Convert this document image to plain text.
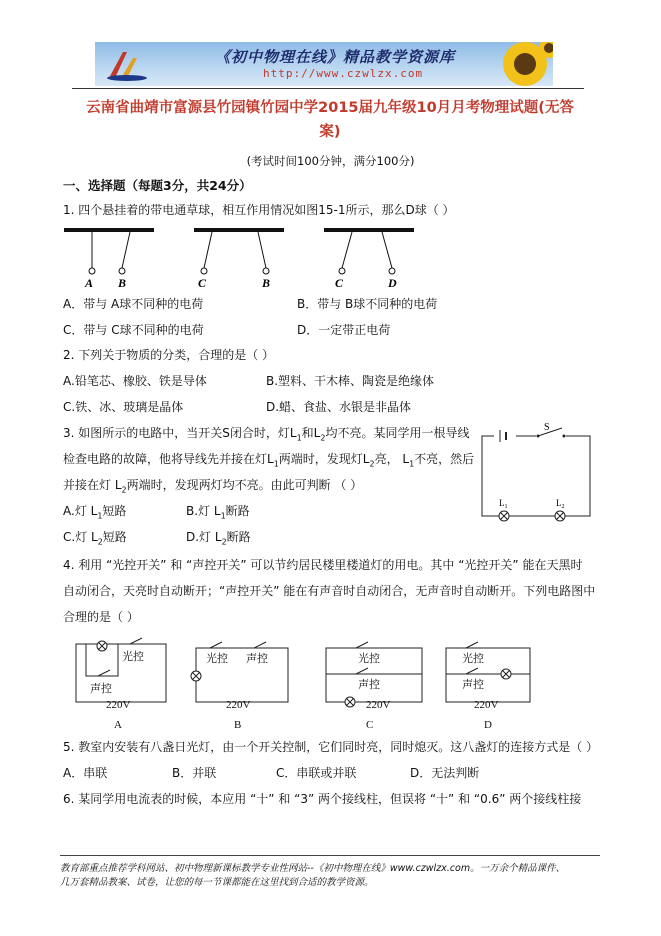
《初中物理在线》精品教学资源库
http://www.czwlzx.com
云南省曲靖市富源县竹园镇竹园中学2015届九年级10月月考物理试题(无答
案)
(考试时间100分钟，满分100分)
一、选择题（每题3分，共24分）
1. 四个悬挂着的带电通草球，相互作用情况如图15-1所示，那么D球（ ）
A B	C	B	C	D
A．带与 A球不同种的电荷	B．带与 B球不同种的电荷
C．带与 C球不同种的电荷	D．一定带正电荷
2. 下列关于物质的分类，合理的是（ ）
A.铅笔芯、橡胶、铁是导体	B.塑料、干木棒、陶瓷是绝缘体
C.铁、冰、玻璃是晶体	D.蜡、食盐、水银是非晶体
3. 如图所示的电路中，当开关S闭合时，灯$L_1$和$L_2$均不亮。某同学用一根导线
检查电路的故障，他将导线先并接在灯$L_1$两端时，发现灯$L_2$亮， $L_1$不亮，然后
并接在灯 $L_2$两端时，发现两灯均不亮。由此可判断 （ ）
A.灯 $L_1$短路	B.灯 $L_1$断路
C.灯 $L_2$短路	D.灯 $L_2$断路
S
$L_1$	$L_2$
4. 利用 “光控开关” 和 “声控开关” 可以节约居民楼里楼道灯的用电。其中 “光控开关” 能在天黑时
自动闭合，天亮时自动断开；“声控开关” 能在有声音时自动闭合，无声音时自动断开。下列电路图中
合理的是（ ）
光控
声控
220V
光控 声控
220V
光控
声控
220V
光控
声控
220V
A	B	C	D
5. 教室内安装有八盏日光灯，由一个开关控制，它们同时亮，同时熄灭。这八盏灯的连接方式是（ ）
A．串联	B．并联	C．串联或并联	D．无法判断
6. 某同学用电流表的时候，本应用 “十” 和 “3” 两个接线柱，但误将 “十” 和 “0.6” 两个接线柱接
教育部重点推荐学科网站、初中物理新课标教学专业性网站--《初中物理在线》www.czwlzx.com。一万余个精品课件、
几万套精品教案、试卷，让您的每一节课都能在这里找到合适的教学资源。
